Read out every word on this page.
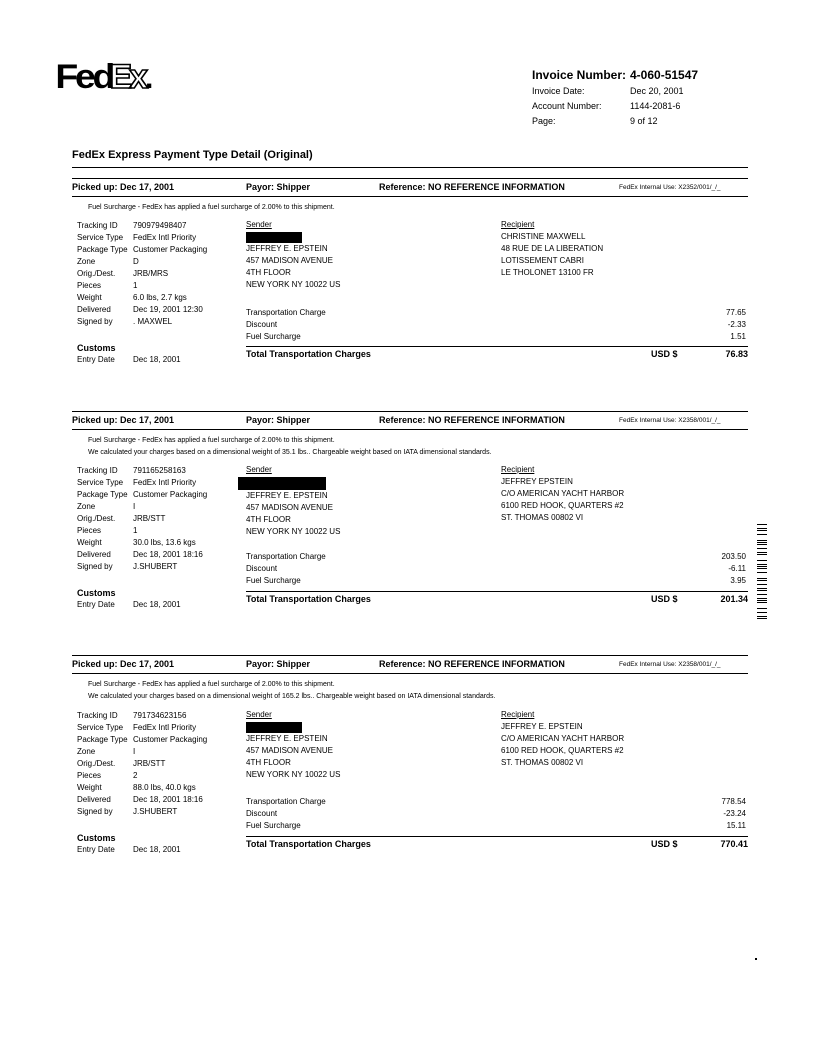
FedEx.	Invoice Number: 4-060-51547
Invoice Date:	Dec 20, 2001
Account Number:	1144-2081-6
Page:	9 of 12
FedEx Express Payment Type Detail (Original)
Picked up: Dec 17, 2001	Payor: Shipper	Reference: NO REFERENCE INFORMATION	FedEx Internal Use: X2352/001/_/_
Fuel Surcharge - FedEx has applied a fuel surcharge of 2.00% to this shipment.
Tracking ID	790979498407
Service Type	FedEx Intl Priority
Package Type Customer Packaging
Zone	D
Orig./Dest.	JRB/MRS
Pieces	1
Weight	6.0 lbs, 2.7 kgs
Delivered	Dec 19, 2001 12:30
Signed by	. MAXWEL
Sender
JEFFREY E. EPSTEIN
457 MADISON AVENUE
4TH FLOOR
NEW YORK NY 10022 US
Recipient
CHRISTINE MAXWELL
48 RUE DE LA LIBERATION
LOTISSEMENT CABRI
LE THOLONET 13100 FR
Transportation Charge	77.65
Discount	-2.33
Fuel Surcharge	1.51
Total Transportation Charges	USD $	76.83
Customs
Entry Date	Dec 18, 2001
Picked up: Dec 17, 2001	Payor: Shipper	Reference: NO REFERENCE INFORMATION	FedEx Internal Use: X2358/001/_/_
Fuel Surcharge - FedEx has applied a fuel surcharge of 2.00% to this shipment.
We calculated your charges based on a dimensional weight of 35.1 lbs.. Chargeable weight based on IATA dimensional standards.
Tracking ID	791165258163
Service Type	FedEx Intl Priority
Package Type Customer Packaging
Zone	I
Orig./Dest.	JRB/STT
Pieces	1
Weight	30.0 lbs, 13.6 kgs
Delivered	Dec 18, 2001 18:16
Signed by	J.SHUBERT
Sender
JEFFREY E. EPSTEIN
457 MADISON AVENUE
4TH FLOOR
NEW YORK NY 10022 US
Recipient
JEFFREY EPSTEIN
C/O AMERICAN YACHT HARBOR
6100 RED HOOK, QUARTERS #2
ST. THOMAS 00802 VI
Transportation Charge	203.50
Discount	-6.11
Fuel Surcharge	3.95
Total Transportation Charges	USD $	201.34
Customs
Entry Date	Dec 18, 2001
Picked up: Dec 17, 2001	Payor: Shipper	Reference: NO REFERENCE INFORMATION	FedEx Internal Use: X2358/001/_/_
Fuel Surcharge - FedEx has applied a fuel surcharge of 2.00% to this shipment.
We calculated your charges based on a dimensional weight of 165.2 lbs.. Chargeable weight based on IATA dimensional standards.
Tracking ID	791734623156
Service Type	FedEx Intl Priority
Package Type Customer Packaging
Zone	I
Orig./Dest.	JRB/STT
Pieces	2
Weight	88.0 lbs, 40.0 kgs
Delivered	Dec 18, 2001 18:16
Signed by	J.SHUBERT
Sender
JEFFREY E. EPSTEIN
457 MADISON AVENUE
4TH FLOOR
NEW YORK NY 10022 US
Recipient
JEFFREY E. EPSTEIN
C/O AMERICAN YACHT HARBOR
6100 RED HOOK, QUARTERS #2
ST. THOMAS 00802 VI
Transportation Charge	778.54
Discount	-23.24
Fuel Surcharge	15.11
Total Transportation Charges	USD $	770.41
Customs
Entry Date	Dec 18, 2001
